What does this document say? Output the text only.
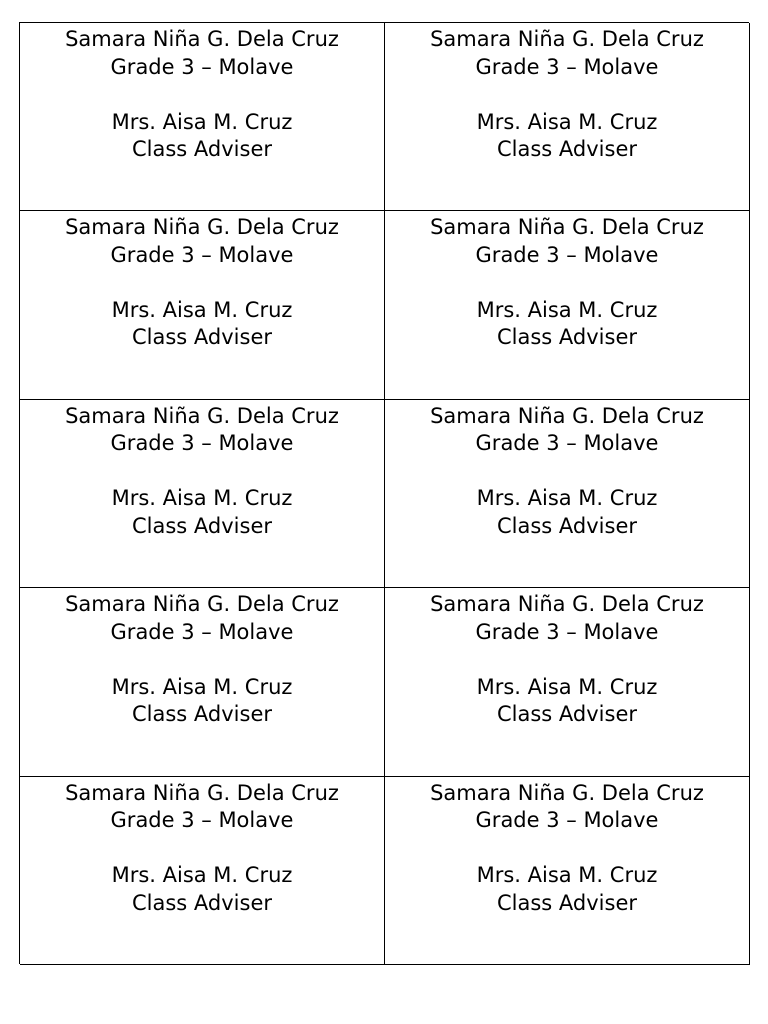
Samara Niña G. Dela Cruz
Grade 3 – Molave
Mrs. Aisa M. Cruz
Class Adviser
Samara Niña G. Dela Cruz
Grade 3 – Molave
Mrs. Aisa M. Cruz
Class Adviser
Samara Niña G. Dela Cruz
Grade 3 – Molave
Mrs. Aisa M. Cruz
Class Adviser
Samara Niña G. Dela Cruz
Grade 3 – Molave
Mrs. Aisa M. Cruz
Class Adviser
Samara Niña G. Dela Cruz
Grade 3 – Molave
Mrs. Aisa M. Cruz
Class Adviser
Samara Niña G. Dela Cruz
Grade 3 – Molave
Mrs. Aisa M. Cruz
Class Adviser
Samara Niña G. Dela Cruz
Grade 3 – Molave
Mrs. Aisa M. Cruz
Class Adviser
Samara Niña G. Dela Cruz
Grade 3 – Molave
Mrs. Aisa M. Cruz
Class Adviser
Samara Niña G. Dela Cruz
Grade 3 – Molave
Mrs. Aisa M. Cruz
Class Adviser
Samara Niña G. Dela Cruz
Grade 3 – Molave
Mrs. Aisa M. Cruz
Class Adviser
